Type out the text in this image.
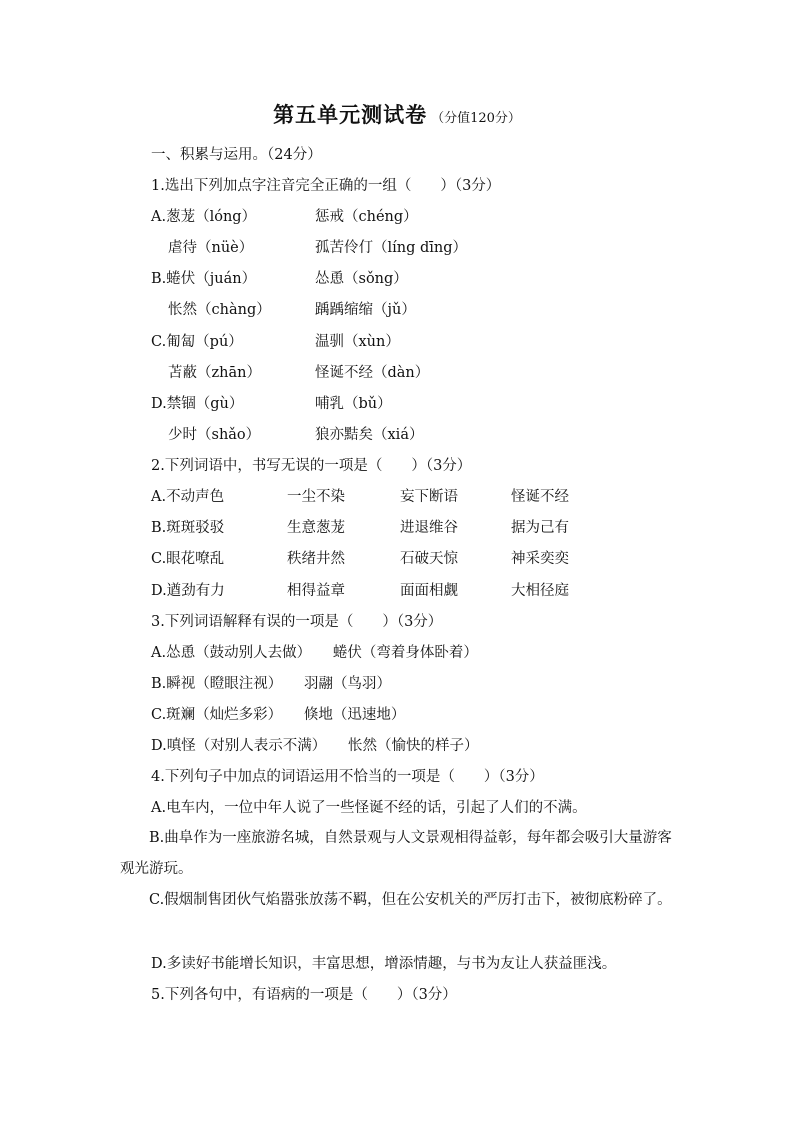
第五单元测试卷 （分值120分）
一、积累与运用。（24分）
1.选出下列加点字注音完全正确的一组（　　）（3分）
A.葱茏（lóng）	惩戒（chéng）
虐待（nüè）	孤苦伶仃（líng dīng）
B.蜷伏（juán）	怂恿（sǒng）
怅然（chàng）	踽踽缩缩（jǔ）
C.匍匐（pú）	温驯（xùn）
苫蔽（zhān）	怪诞不经（dàn）
D.禁锢（gù）	哺乳（bǔ）
少时（shǎo）	狼亦黠矣（xiá）
2.下列词语中，书写无误的一项是（　　）（3分）
A.不动声色	一尘不染	妄下断语	怪诞不经
B.斑斑驳驳	生意葱茏	进退维谷	据为己有
C.眼花嘹乱	秩绪井然	石破天惊	神采奕奕
D.遒劲有力	相得益章	面面相觑	大相径庭
3.下列词语解释有误的一项是（　　）（3分）
A.怂恿（鼓动别人去做）　　蜷伏（弯着身体卧着）
B.瞬视（瞪眼注视）　　羽翮（鸟羽）
C.斑斓（灿烂多彩）　　倏地（迅速地）
D.嗔怪（对别人表示不满）　　怅然（愉快的样子）
4.下列句子中加点的词语运用不恰当的一项是（　　）（3分）
A.电车内，一位中年人说了一些怪诞不经的话，引起了人们的不满。
B.曲阜作为一座旅游名城，自然景观与人文景观相得益彰，每年都会吸引大量游客观光游玩。
C.假烟制售团伙气焰嚣张放荡不羁，但在公安机关的严厉打击下，被彻底粉碎了。
D.多读好书能增长知识，丰富思想，增添情趣，与书为友让人获益匪浅。
5.下列各句中，有语病的一项是（　　）（3分）
